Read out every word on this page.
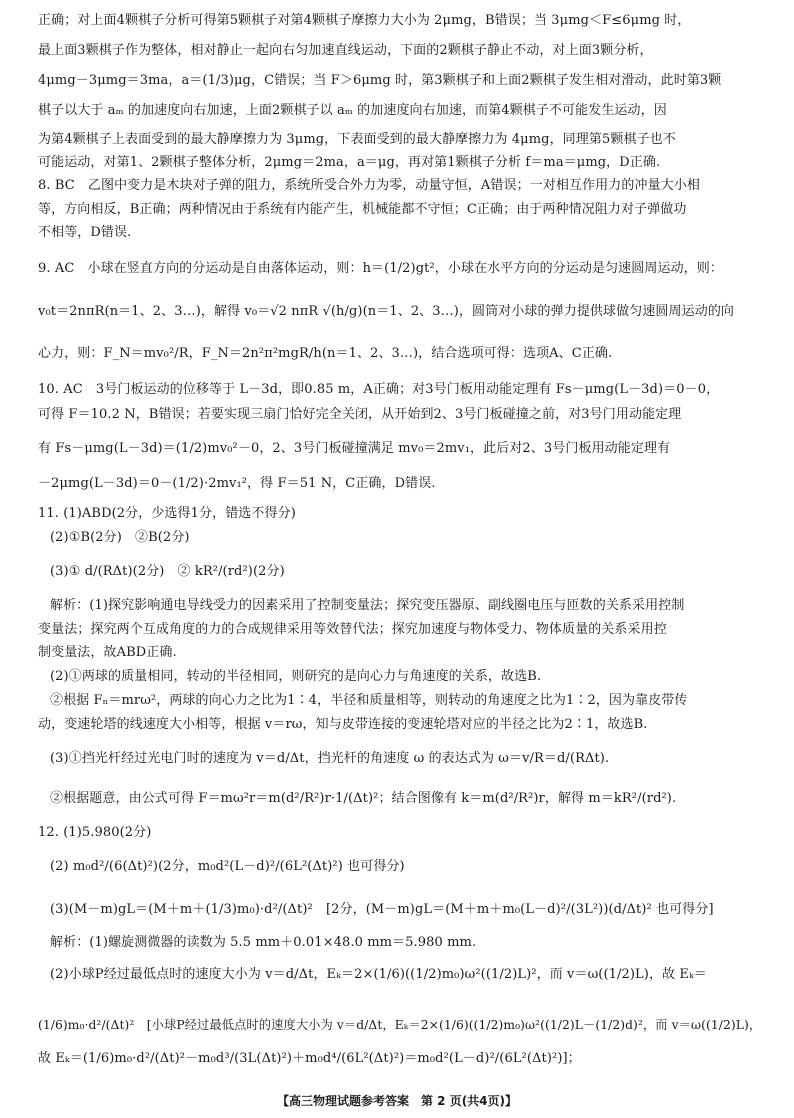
正确；对上面4颗棋子分析可得第5颗棋子对第4颗棋子摩擦力大小为 2μmg，B错误；当 3μmg＜F≤6μmg 时，
最上面3颗棋子作为整体，相对静止一起向右匀加速直线运动，下面的2颗棋子静止不动，对上面3颗分析，
4μmg－3μmg＝3ma，a＝(1/3)μg，C错误；当 F＞6μmg 时，第3颗棋子和上面2颗棋子发生相对滑动，此时第3颗
棋子以大于 aₘ 的加速度向右加速，上面2颗棋子以 aₘ 的加速度向右加速，而第4颗棋子不可能发生运动，因
为第4颗棋子上表面受到的最大静摩擦力为 3μmg，下表面受到的最大静摩擦力为 4μmg，同理第5颗棋子也不
可能运动，对第1、2颗棋子整体分析，2μmg＝2ma，a＝μg，再对第1颗棋子分析 f＝ma＝μmg，D正确.
8. BC　乙图中变力是木块对子弹的阻力，系统所受合外力为零，动量守恒，A错误；一对相互作用力的冲量大小相
等，方向相反，B正确；两种情况由于系统有内能产生，机械能都不守恒；C正确；由于两种情况阻力对子弹做功
不相等，D错误.
9. AC　小球在竖直方向的分运动是自由落体运动，则：h＝(1/2)gt²，小球在水平方向的分运动是匀速圆周运动，则：
v₀t＝2nπR(n＝1、2、3…)，解得 v₀＝√2 nπR √(h/g)(n＝1、2、3…)，圆筒对小球的弹力提供球做匀速圆周运动的向
心力，则：F_N＝mv₀²/R，F_N＝2n²π²mgR/h(n＝1、2、3…)，结合选项可得：选项A、C正确.
10. AC　3号门板运动的位移等于 L－3d，即0.85 m，A正确；对3号门板用动能定理有 Fs－μmg(L－3d)＝0－0，
可得 F＝10.2 N，B错误；若要实现三扇门恰好完全关闭，从开始到2、3号门板碰撞之前，对3号门用动能定理
有 Fs－μmg(L－3d)＝(1/2)mv₀²－0，2、3号门板碰撞满足 mv₀＝2mv₁，此后对2、3号门板用动能定理有
－2μmg(L－3d)＝0－(1/2)·2mv₁²，得 F＝51 N，C正确，D错误.
11. (1)ABD(2分，少选得1分，错选不得分)
(2)①B(2分)　②B(2分)
(3)① d/(RΔt)(2分)　② kR²/(rd²)(2分)
解析：(1)探究影响通电导线受力的因素采用了控制变量法；探究变压器原、副线圈电压与匝数的关系采用控制
变量法；探究两个互成角度的力的合成规律采用等效替代法；探究加速度与物体受力、物体质量的关系采用控
制变量法，故ABD正确.
(2)①两球的质量相同，转动的半径相同，则研究的是向心力与角速度的关系，故选B.
②根据 Fₙ＝mrω²，两球的向心力之比为1∶4，半径和质量相等，则转动的角速度之比为1∶2，因为靠皮带传
动，变速轮塔的线速度大小相等，根据 v＝rω，知与皮带连接的变速轮塔对应的半径之比为2∶1，故选B.
(3)①挡光杆经过光电门时的速度为 v＝d/Δt，挡光杆的角速度 ω 的表达式为 ω＝v/R＝d/(RΔt).
②根据题意，由公式可得 F＝mω²r＝m(d²/R²)r·1/(Δt)²；结合图像有 k＝m(d²/R²)r，解得 m＝kR²/(rd²).
12. (1)5.980(2分)
(2) m₀d²/(6(Δt)²)(2分，m₀d²(L－d)²/(6L²(Δt)²) 也可得分)
(3)(M－m)gL＝(M＋m＋(1/3)m₀)·d²/(Δt)²　[2分，(M－m)gL＝(M＋m＋m₀(L－d)²/(3L²))(d/Δt)² 也可得分]
解析：(1)螺旋测微器的读数为 5.5 mm＋0.01×48.0 mm＝5.980 mm.
(2)小球P经过最低点时的速度大小为 v＝d/Δt，Eₖ＝2×(1/6)((1/2)m₀)ω²((1/2)L)²，而 v＝ω((1/2)L)，故 Eₖ＝
(1/6)m₀·d²/(Δt)²　[小球P经过最低点时的速度大小为 v＝d/Δt，Eₖ＝2×(1/6)((1/2)m₀)ω²((1/2)L－(1/2)d)²，而 v＝ω((1/2)L)，
故 Eₖ＝(1/6)m₀·d²/(Δt)²－m₀d³/(3L(Δt)²)＋m₀d⁴/(6L²(Δt)²)＝m₀d²(L－d)²/(6L²(Δt)²)]；
【高三物理试题参考答案　第 2 页(共4页)】
